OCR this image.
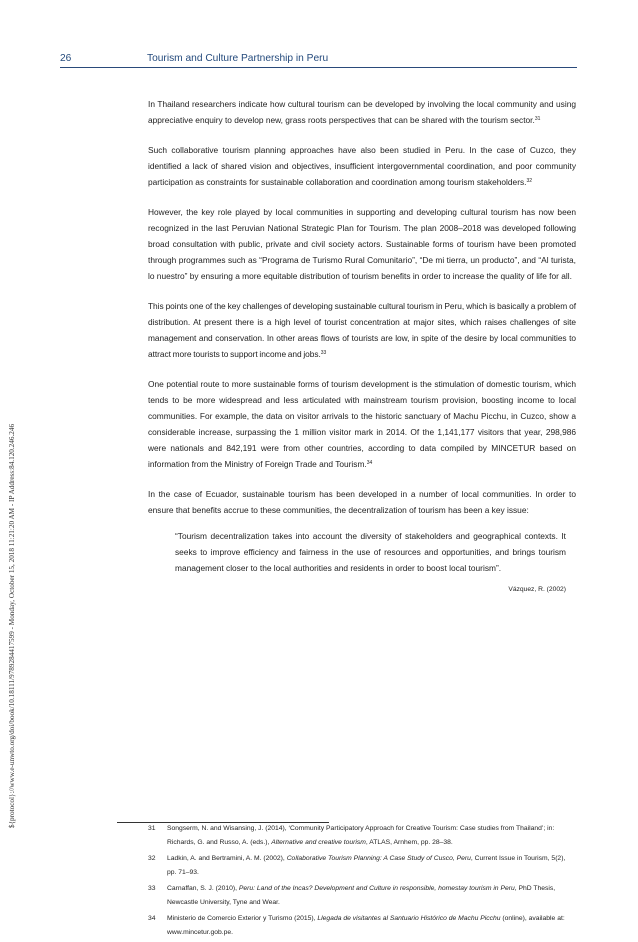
26	Tourism and Culture Partnership in Peru
${protocol}://www.e-unwto.org/doi/book/10.18111/9789284417599 - Monday, October 15, 2018 11:21:20 AM - IP Address:84.120.246.246

In Thailand researchers indicate how cultural tourism can be developed by involving the local community and using appreciative enquiry to develop new, grass roots perspectives that can be shared with the tourism sector.$^{31}$

Such collaborative tourism planning approaches have also been studied in Peru. In the case of Cuzco, they identified a lack of shared vision and objectives, insufficient intergovernmental coordination, and poor community participation as constraints for sustainable collaboration and coordination among tourism stakeholders.$^{32}$

However, the key role played by local communities in supporting and developing cultural tourism has now been recognized in the last Peruvian National Strategic Plan for Tourism. The plan 2008–2018 was developed following broad consultation with public, private and civil society actors. Sustainable forms of tourism have been promoted through programmes such as “Programa de Turismo Rural Comunitario”, “De mi tierra, un producto”, and “Al turista, lo nuestro” by ensuring a more equitable distribution of tourism benefits in order to increase the quality of life for all.

This points one of the key challenges of developing sustainable cultural tourism in Peru, which is basically a problem of distribution. At present there is a high level of tourist concentration at major sites, which raises challenges of site management and conservation. In other areas flows of tourists are low, in spite of the desire by local communities to attract more tourists to support income and jobs.$^{33}$

One potential route to more sustainable forms of tourism development is the stimulation of domestic tourism, which tends to be more widespread and less articulated with mainstream tourism provision, boosting income to local communities. For example, the data on visitor arrivals to the historic sanctuary of Machu Picchu, in Cuzco, show a considerable increase, surpassing the 1 million visitor mark in 2014. Of the 1,141,177 visitors that year, 298,986 were nationals and 842,191 were from other countries, according to data compiled by MINCETUR based on information from the Ministry of Foreign Trade and Tourism.$^{34}$

In the case of Ecuador, sustainable tourism has been developed in a number of local communities. In order to ensure that benefits accrue to these communities, the decentralization of tourism has been a key issue:

“Tourism decentralization takes into account the diversity of stakeholders and geographical contexts. It seeks to improve efficiency and fairness in the use of resources and opportunities, and brings tourism management closer to the local authorities and residents in order to boost local tourism”.
Vázquez, R. (2002)
31 Songserm, N. and Wisansing, J. (2014), ‘Community Participatory Approach for Creative Tourism: Case studies from Thailand’; in: Richards, G. and Russo, A. (eds.), Alternative and creative tourism, ATLAS, Arnhem, pp. 28–38.
32 Ladkin, A. and Bertramini, A. M. (2002), Collaborative Tourism Planning: A Case Study of Cusco, Peru, Current Issue in Tourism, 5(2), pp. 71–93.
33 Carnaffan, S. J. (2010), Peru: Land of the Incas? Development and Culture in responsible, homestay tourism in Peru, PhD Thesis, Newcastle University, Tyne and Wear.
34 Ministerio de Comercio Exterior y Turismo (2015), Llegada de visitantes al Santuario Histórico de Machu Picchu (online), available at: www.mincetur.gob.pe.
